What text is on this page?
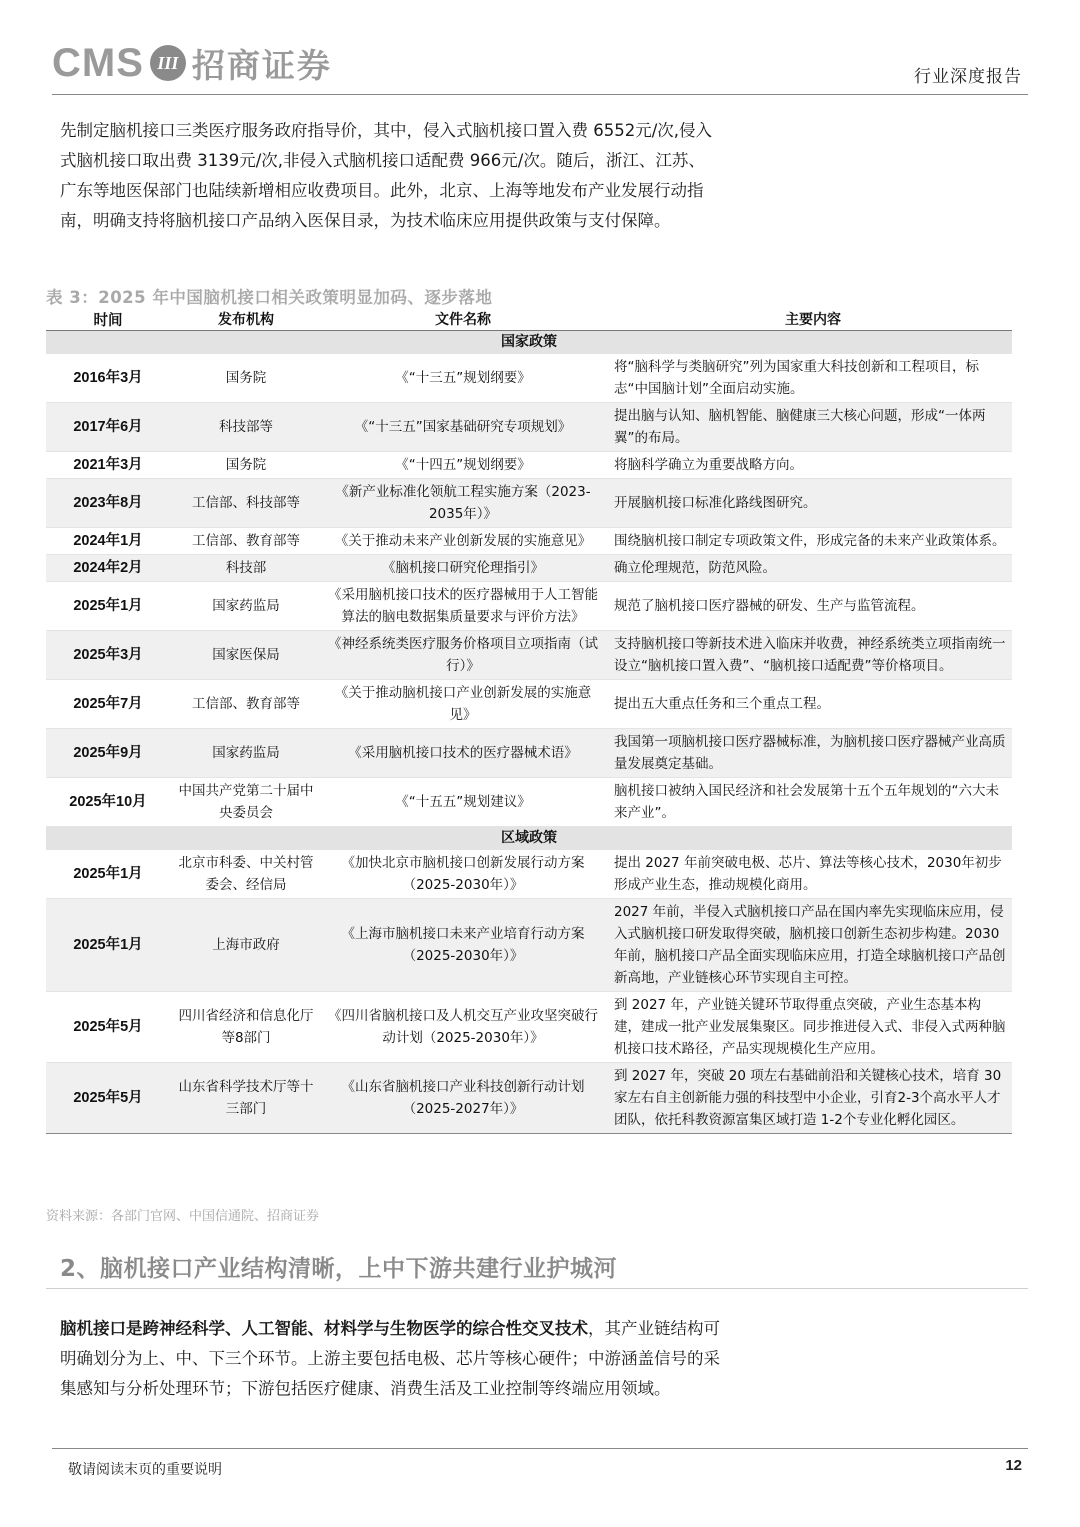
CMS III 招商证券	行业深度报告
先制定脑机接口三类医疗服务政府指导价，其中，侵入式脑机接口置入费 6552元/次,侵入式脑机接口取出费 3139元/次,非侵入式脑机接口适配费 966元/次。随后，浙江、江苏、广东等地医保部门也陆续新增相应收费项目。此外，北京、上海等地发布产业发展行动指南，明确支持将脑机接口产品纳入医保目录，为技术临床应用提供政策与支付保障。
表 3：2025 年中国脑机接口相关政策明显加码、逐步落地
时间	发布机构	文件名称	主要内容
国家政策			
2016年3月	国务院	《“十三五”规划纲要》	将“脑科学与类脑研究”列为国家重大科技创新和工程项目，标志“中国脑计划”全面启动实施。
2017年6月	科技部等	《“十三五”国家基础研究专项规划》	提出脑与认知、脑机智能、脑健康三大核心问题，形成“一体两翼”的布局。
2021年3月	国务院	《“十四五”规划纲要》	将脑科学确立为重要战略方向。
2023年8月	工信部、科技部等	《新产业标准化领航工程实施方案（2023-2035年）》	开展脑机接口标准化路线图研究。
2024年1月	工信部、教育部等	《关于推动未来产业创新发展的实施意见》	围绕脑机接口制定专项政策文件，形成完备的未来产业政策体系。
2024年2月	科技部	《脑机接口研究伦理指引》	确立伦理规范，防范风险。
2025年1月	国家药监局	《采用脑机接口技术的医疗器械用于人工智能算法的脑电数据集质量要求与评价方法》	规范了脑机接口医疗器械的研发、生产与监管流程。
2025年3月	国家医保局	《神经系统类医疗服务价格项目立项指南（试行）》	支持脑机接口等新技术进入临床并收费，神经系统类立项指南统一设立“脑机接口置入费”、“脑机接口适配费”等价格项目。
2025年7月	工信部、教育部等	《关于推动脑机接口产业创新发展的实施意见》	提出五大重点任务和三个重点工程。
2025年9月	国家药监局	《采用脑机接口技术的医疗器械术语》	我国第一项脑机接口医疗器械标准，为脑机接口医疗器械产业高质量发展奠定基础。
2025年10月	中国共产党第二十届中央委员会	《“十五五”规划建议》	脑机接口被纳入国民经济和社会发展第十五个五年规划的“六大未来产业”。
区域政策			
2025年1月	北京市科委、中关村管委会、经信局	《加快北京市脑机接口创新发展行动方案（2025-2030年）》	提出 2027 年前突破电极、芯片、算法等核心技术，2030年初步形成产业生态，推动规模化商用。
2025年1月	上海市政府	《上海市脑机接口未来产业培育行动方案（2025-2030年）》	2027 年前，半侵入式脑机接口产品在国内率先实现临床应用，侵入式脑机接口研发取得突破，脑机接口创新生态初步构建。2030 年前，脑机接口产品全面实现临床应用，打造全球脑机接口产品创新高地，产业链核心环节实现自主可控。
2025年5月	四川省经济和信息化厅等8部门	《四川省脑机接口及人机交互产业攻坚突破行动计划（2025-2030年）》	到 2027 年，产业链关键环节取得重点突破，产业生态基本构建，建成一批产业发展集聚区。同步推进侵入式、非侵入式两种脑机接口技术路径，产品实现规模化生产应用。
2025年5月	山东省科学技术厅等十三部门	《山东省脑机接口产业科技创新行动计划（2025-2027年）》	到 2027 年，突破 20 项左右基础前沿和关键核心技术，培育 30 家左右自主创新能力强的科技型中小企业，引育2-3个高水平人才团队，依托科教资源富集区域打造 1-2个专业化孵化园区。
资料来源：各部门官网、中国信通院、招商证券
2、脑机接口产业结构清晰，上中下游共建行业护城河
脑机接口是跨神经科学、人工智能、材料学与生物医学的综合性交叉技术，其产业链结构可明确划分为上、中、下三个环节。上游主要包括电极、芯片等核心硬件；中游涵盖信号的采集感知与分析处理环节；下游包括医疗健康、消费生活及工业控制等终端应用领域。
敬请阅读末页的重要说明	12
